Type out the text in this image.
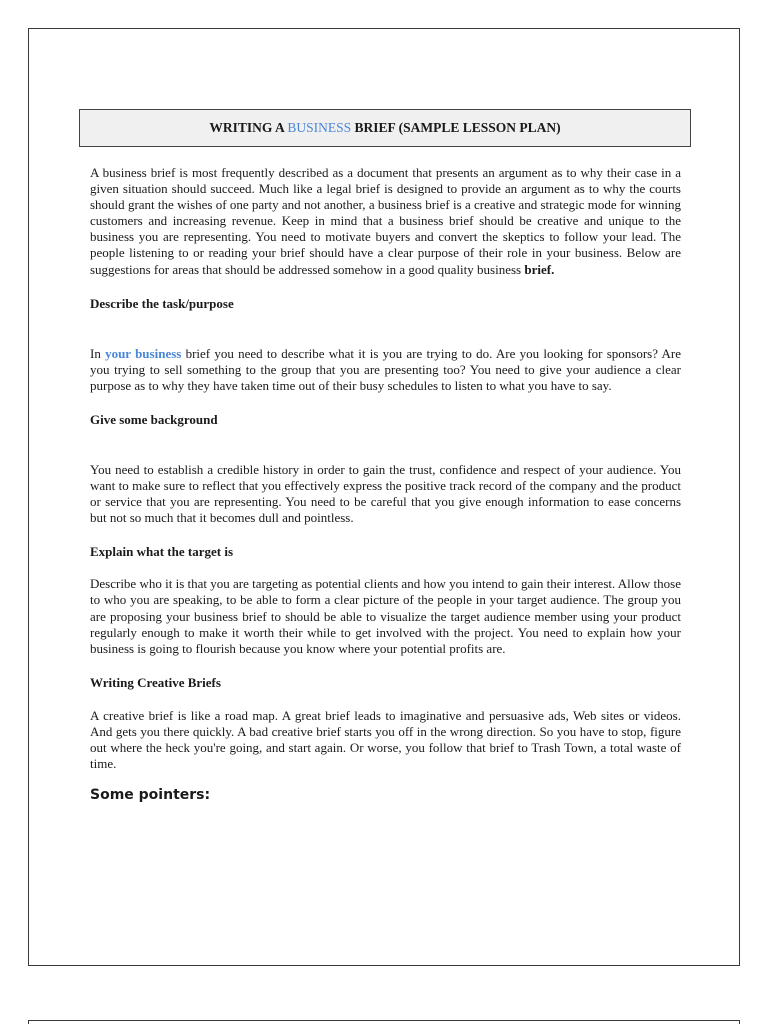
WRITING A BUSINESS BRIEF (SAMPLE LESSON PLAN)

A business brief is most frequently described as a document that presents an argument as to why their case in a given situation should succeed. Much like a legal brief is designed to provide an argument as to why the courts should grant the wishes of one party and not another, a business brief is a creative and strategic mode for winning customers and increasing revenue. Keep in mind that a business brief should be creative and unique to the business you are representing. You need to motivate buyers and convert the skeptics to follow your lead. The people listening to or reading your brief should have a clear purpose of their role in your business. Below are suggestions for areas that should be addressed somehow in a good quality business brief.

Describe the task/purpose

In your business brief you need to describe what it is you are trying to do. Are you looking for sponsors? Are you trying to sell something to the group that you are presenting too? You need to give your audience a clear purpose as to why they have taken time out of their busy schedules to listen to what you have to say.

Give some background

You need to establish a credible history in order to gain the trust, confidence and respect of your audience. You want to make sure to reflect that you effectively express the positive track record of the company and the product or service that you are representing. You need to be careful that you give enough information to ease concerns but not so much that it becomes dull and pointless.

Explain what the target is

Describe who it is that you are targeting as potential clients and how you intend to gain their interest. Allow those to who you are speaking, to be able to form a clear picture of the people in your target audience. The group you are proposing your business brief to should be able to visualize the target audience member using your product regularly enough to make it worth their while to get involved with the project. You need to explain how your business is going to flourish because you know where your potential profits are.

Writing Creative Briefs

A creative brief is like a road map. A great brief leads to imaginative and persuasive ads, Web sites or videos. And gets you there quickly. A bad creative brief starts you off in the wrong direction. So you have to stop, figure out where the heck you're going, and start again. Or worse, you follow that brief to Trash Town, a total waste of time.

Some pointers:
